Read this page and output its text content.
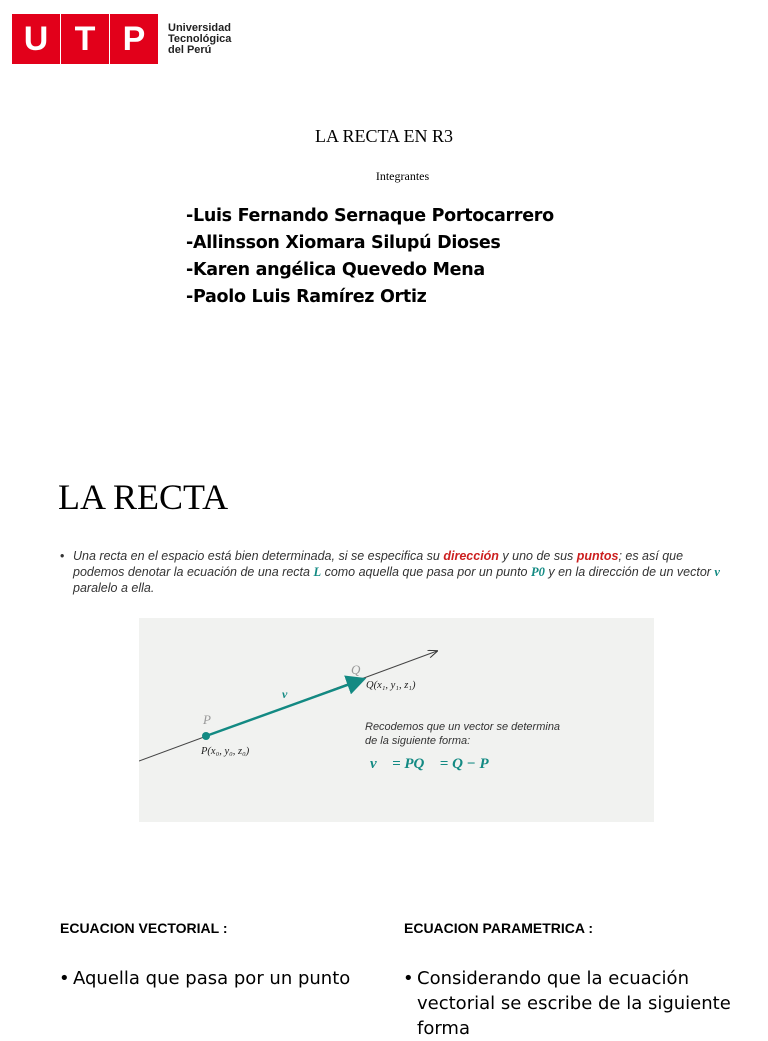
U T P	Universidad
Tecnológica
del Perú
LA RECTA EN R3
Integrantes
-Luis Fernando Sernaque Portocarrero
-Allinsson Xiomara Silupú Dioses
-Karen angélica Quevedo Mena
-Paolo Luis Ramírez Ortiz
LA RECTA
• Una recta en el espacio está bien determinada, si se especifica su dirección y uno de sus puntos; es así que podemos denotar la ecuación de una recta L como aquella que pasa por un punto P0 y en la dirección de un vector v paralelo a ella.
P
Q
v⃗
P(x₀, y₀, z₀)
Q(x₁, y₁, z₁)
Recodemos que un vector se determina
de la siguiente forma:
v⃗ = PQ⃗ = Q − P
ECUACION VECTORIAL :	ECUACION PARAMETRICA :
• Aquella que pasa por un punto	• Considerando que la ecuación vectorial se escribe de la siguiente forma
